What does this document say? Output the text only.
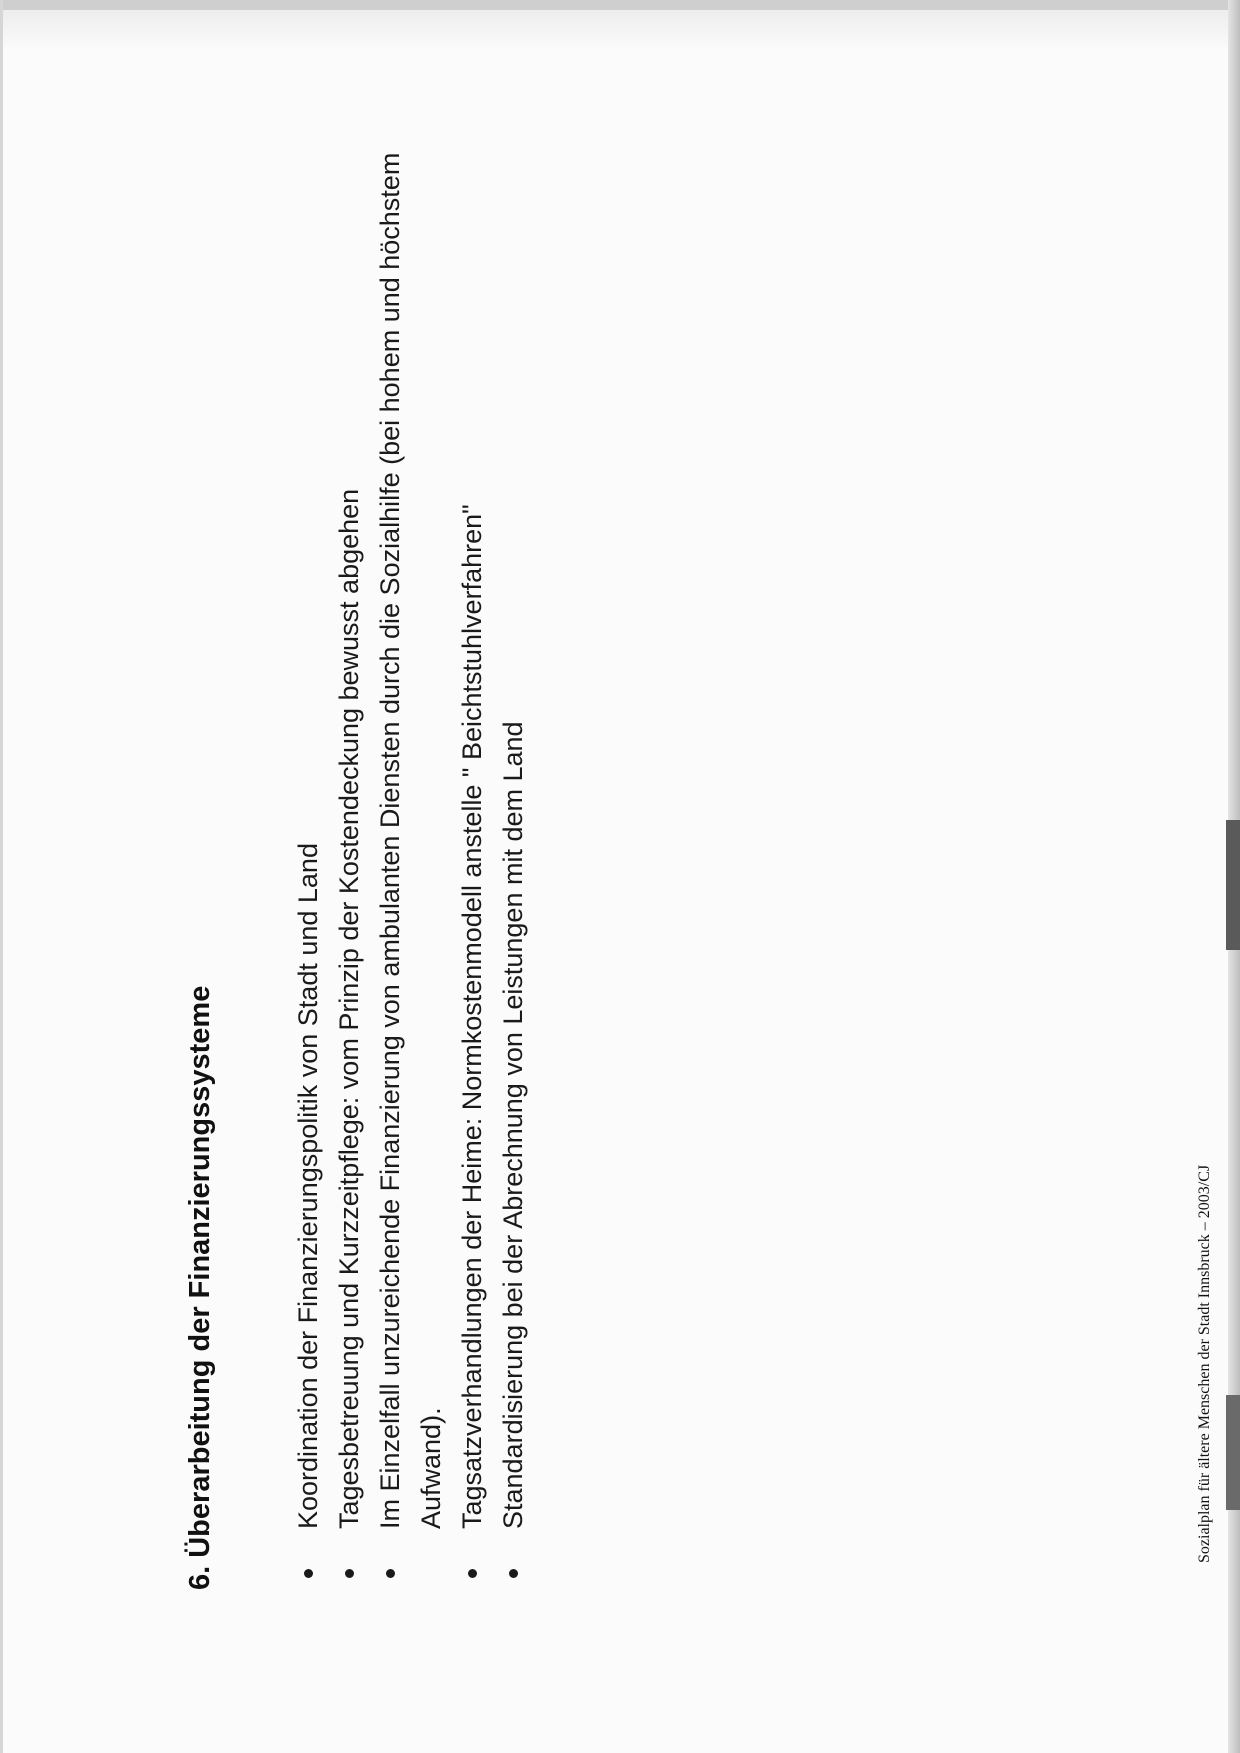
6. Überarbeitung der Finanzierungssysteme	Koordination der Finanzierungspolitik von Stadt und Land Tagesbetreuung und Kurzzeitpflege: vom Prinzip der Kostendeckung bewusst abgehen Im Einzelfall unzureichende Finanzierung von ambulanten Diensten durch die Sozialhilfe (bei hohem und höchstem Aufwand). Tagsatzverhandlungen der Heime: Normkostenmodell anstelle " Beichtstuhlverfahren" Standardisierung bei der Abrechnung von Leistungen mit dem Land	Sozialplan für ältere Menschen der Stadt Innsbruck – 2003/CJ
